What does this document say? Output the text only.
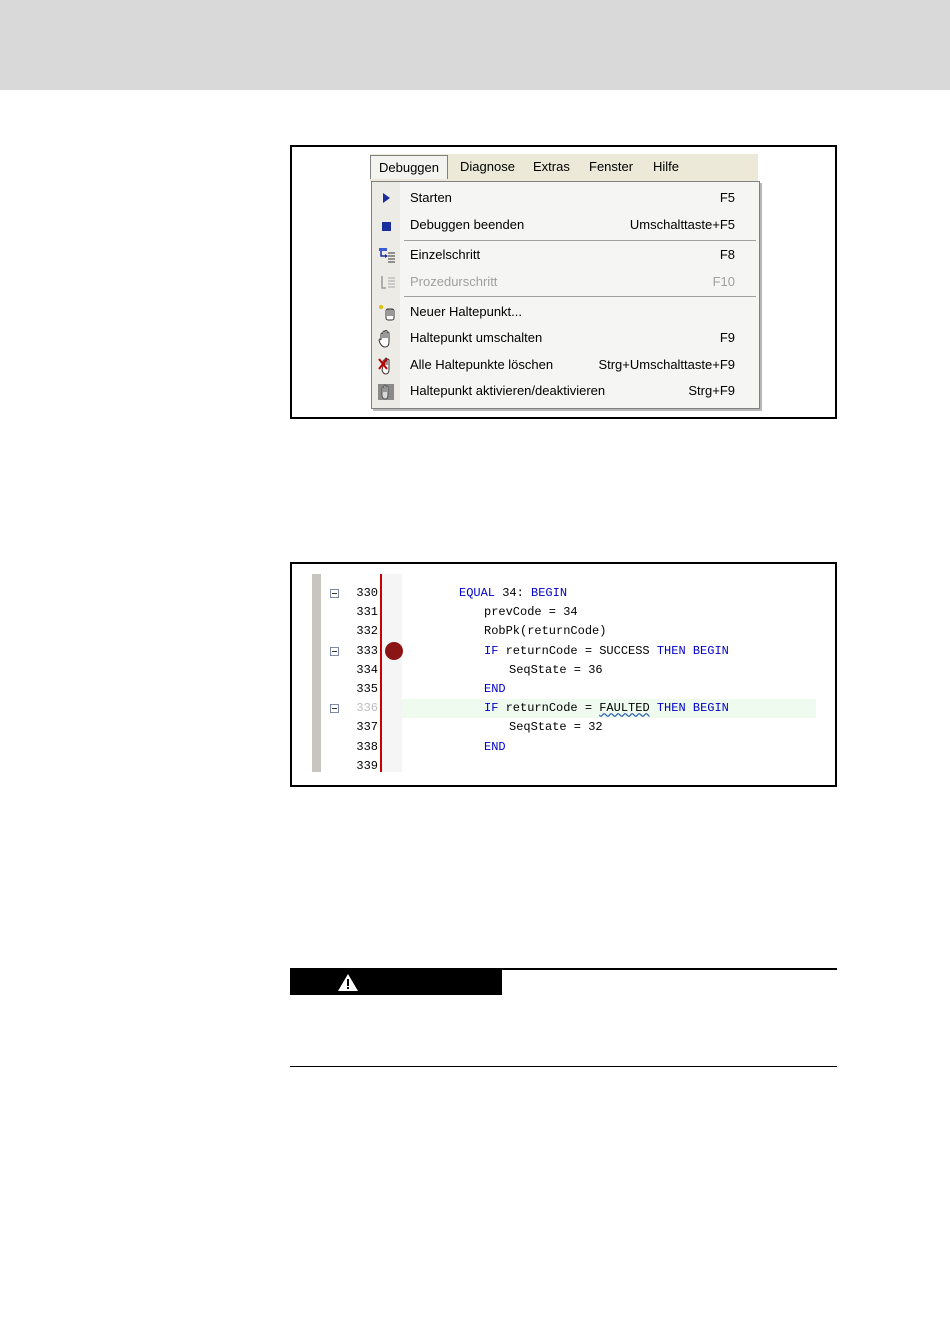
Debuggen	Diagnose Extras Fenster Hilfe
Starten	F5
Debuggen beenden	Umschalttaste+F5
Einzelschritt	F8
Prozedurschritt	F10
Neuer Haltepunkt...
Haltepunkt umschalten	F9
Alle Haltepunkte löschen	Strg+Umschalttaste+F9
Haltepunkt aktivieren/deaktivieren	Strg+F9
330	EQUAL 34: BEGIN
331	prevCode = 34
332	RobPk(returnCode)
333	IF returnCode = SUCCESS THEN BEGIN
334	SeqState = 36
335	END
336	IF returnCode = FAULTED THEN BEGIN
337	SeqState = 32
338	END
339
